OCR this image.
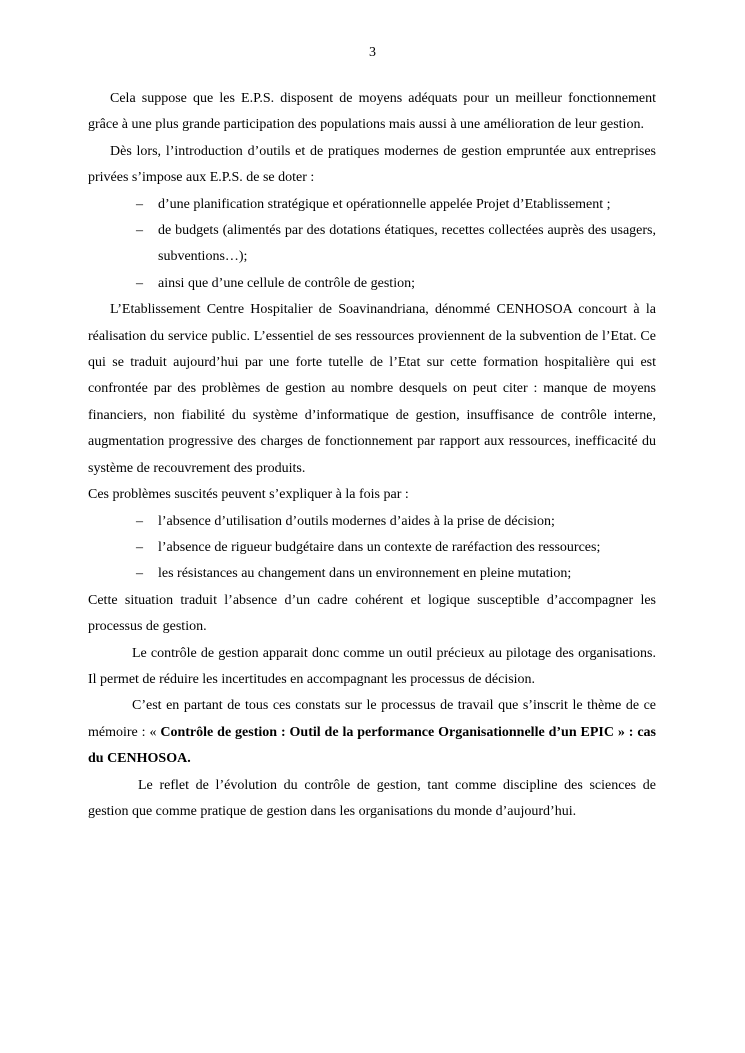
3

Cela suppose que les E.P.S. disposent de moyens adéquats pour un meilleur fonctionnement grâce à une plus grande participation des populations mais aussi à une amélioration de leur gestion.

Dès lors, l’introduction d’outils et de pratiques modernes de gestion empruntée aux entreprises privées s’impose aux E.P.S. de se doter :

– d’une planification stratégique et opérationnelle appelée Projet d’Etablissement ;
– de budgets (alimentés par des dotations étatiques, recettes collectées auprès des usagers, subventions…);
– ainsi que d’une cellule de contrôle de gestion;

L’Etablissement Centre Hospitalier de Soavinandriana, dénommé CENHOSOA concourt à la réalisation du service public. L’essentiel de ses ressources proviennent de la subvention de l’Etat. Ce qui se traduit aujourd’hui par une forte tutelle de l’Etat sur cette formation hospitalière qui est confrontée par des problèmes de gestion au nombre desquels on peut citer : manque de moyens financiers, non fiabilité du système d’informatique de gestion, insuffisance de contrôle interne, augmentation progressive des charges de fonctionnement par rapport aux ressources, inefficacité du système de recouvrement des produits.

Ces problèmes suscités peuvent s’expliquer à la fois par :

– l’absence d’utilisation d’outils modernes d’aides à la prise de décision;
– l’absence de rigueur budgétaire dans un contexte de raréfaction des ressources;
– les résistances au changement dans un environnement en pleine mutation;

Cette situation traduit l’absence d’un cadre cohérent et logique susceptible d’accompagner les processus de gestion.

Le contrôle de gestion apparait donc comme un outil précieux au pilotage des organisations. Il permet de réduire les incertitudes en accompagnant les processus de décision.

C’est en partant de tous ces constats sur le processus de travail que s’inscrit le thème de ce mémoire : « Contrôle de gestion : Outil de la performance Organisationnelle d’un EPIC » : cas du CENHOSOA.

Le reflet de l’évolution du contrôle de gestion, tant comme discipline des sciences de gestion que comme pratique de gestion dans les organisations du monde d’aujourd’hui.
